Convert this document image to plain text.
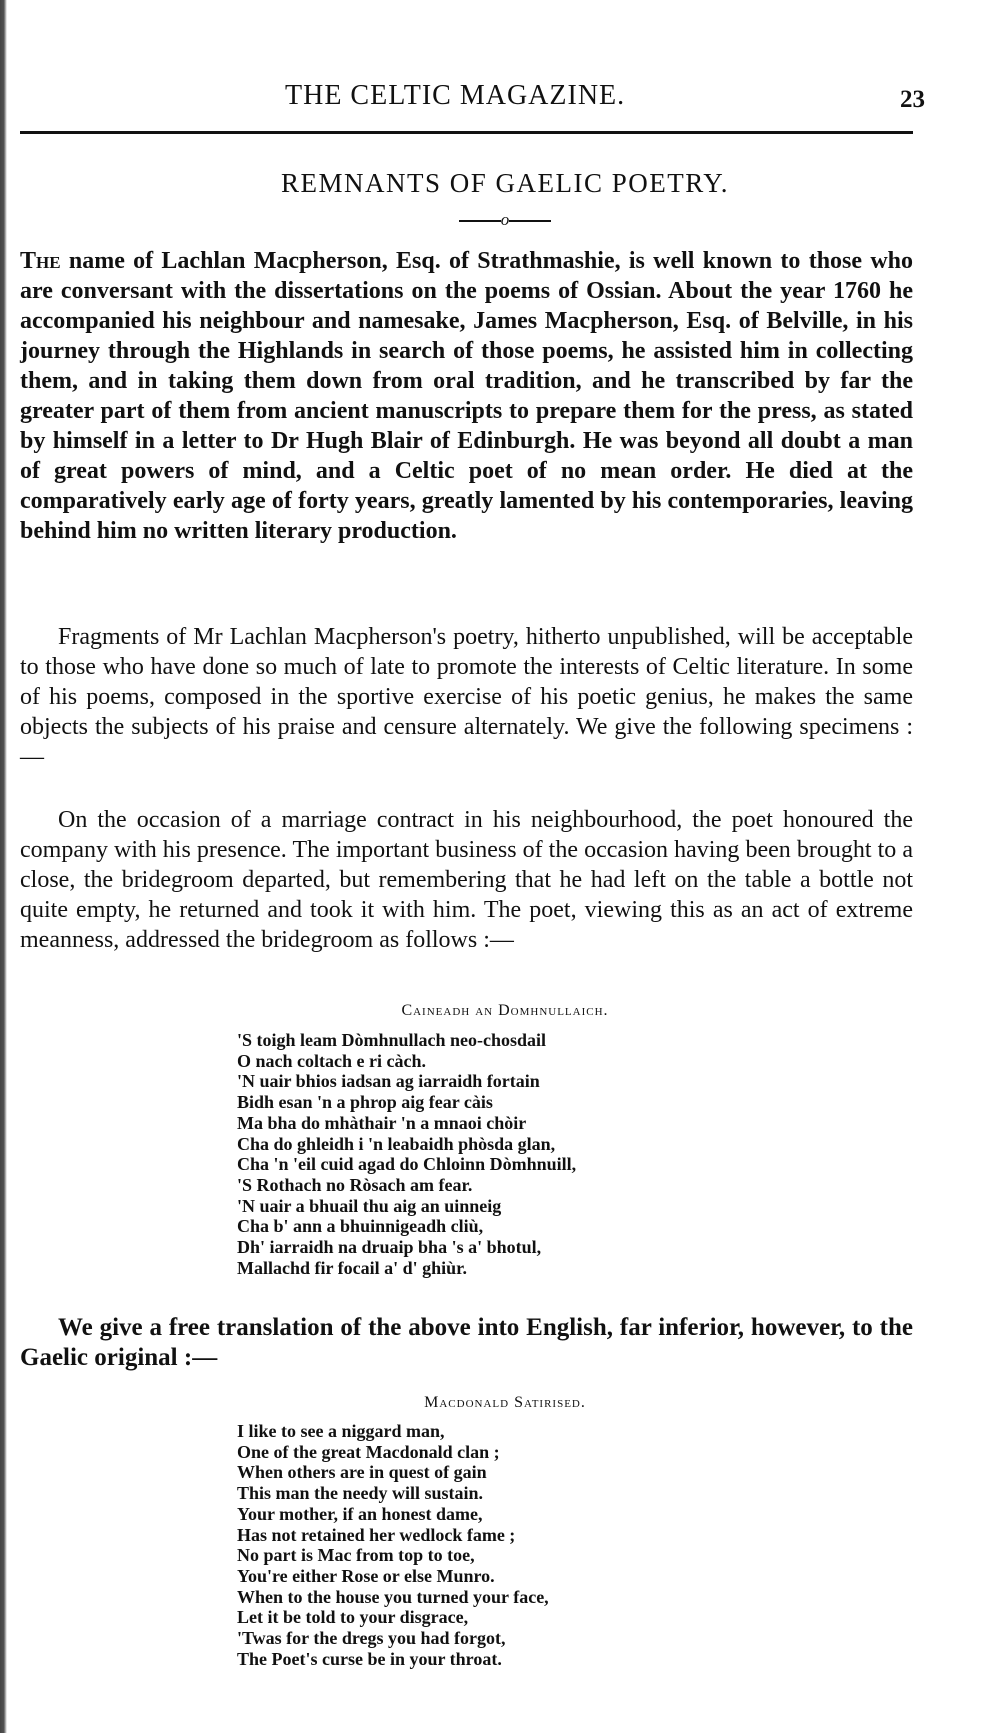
THE CELTIC MAGAZINE.	23
REMNANTS OF GAELIC POETRY.
o

The name of Lachlan Macpherson, Esq. of Strathmashie, is well known to those who are conversant with the dissertations on the poems of Ossian. About the year 1760 he accompanied his neighbour and namesake, James Macpherson, Esq. of Belville, in his journey through the Highlands in search of those poems, he assisted him in collecting them, and in taking them down from oral tradition, and he transcribed by far the greater part of them from ancient manuscripts to prepare them for the press, as stated by himself in a letter to Dr Hugh Blair of Edinburgh. He was beyond all doubt a man of great powers of mind, and a Celtic poet of no mean order. He died at the comparatively early age of forty years, greatly lamented by his contemporaries, leaving behind him no written literary production.

Fragments of Mr Lachlan Macpherson's poetry, hitherto unpublished, will be acceptable to those who have done so much of late to promote the interests of Celtic literature. In some of his poems, composed in the sportive exercise of his poetic genius, he makes the same objects the subjects of his praise and censure alternately. We give the following specimens :—

On the occasion of a marriage contract in his neighbourhood, the poet honoured the company with his presence. The important business of the occasion having been brought to a close, the bridegroom departed, but remembering that he had left on the table a bottle not quite empty, he returned and took it with him. The poet, viewing this as an act of extreme meanness, addressed the bridegroom as follows :—

Caineadh an Domhnullaich.
'S toigh leam Dòmhnullach neo-chosdail
O nach coltach e ri càch.
'N uair bhios iadsan ag iarraidh fortain
Bidh esan 'n a phrop aig fear càis
Ma bha do mhàthair 'n a mnaoi chòir
Cha do ghleidh i 'n leabaidh phòsda glan,
Cha 'n 'eil cuid agad do Chloinn Dòmhnuill,
'S Rothach no Ròsach am fear.
'N uair a bhuail thu aig an uinneig
Cha b' ann a bhuinnigeadh cliù,
Dh' iarraidh na druaip bha 's a' bhotul,
Mallachd fir focail a' d' ghiùr.

We give a free translation of the above into English, far inferior, however, to the Gaelic original :—

Macdonald Satirised.
I like to see a niggard man,
One of the great Macdonald clan ;
When others are in quest of gain
This man the needy will sustain.
Your mother, if an honest dame,
Has not retained her wedlock fame ;
No part is Mac from top to toe,
You're either Rose or else Munro.
When to the house you turned your face,
Let it be told to your disgrace,
'Twas for the dregs you had forgot,
The Poet's curse be in your throat.
